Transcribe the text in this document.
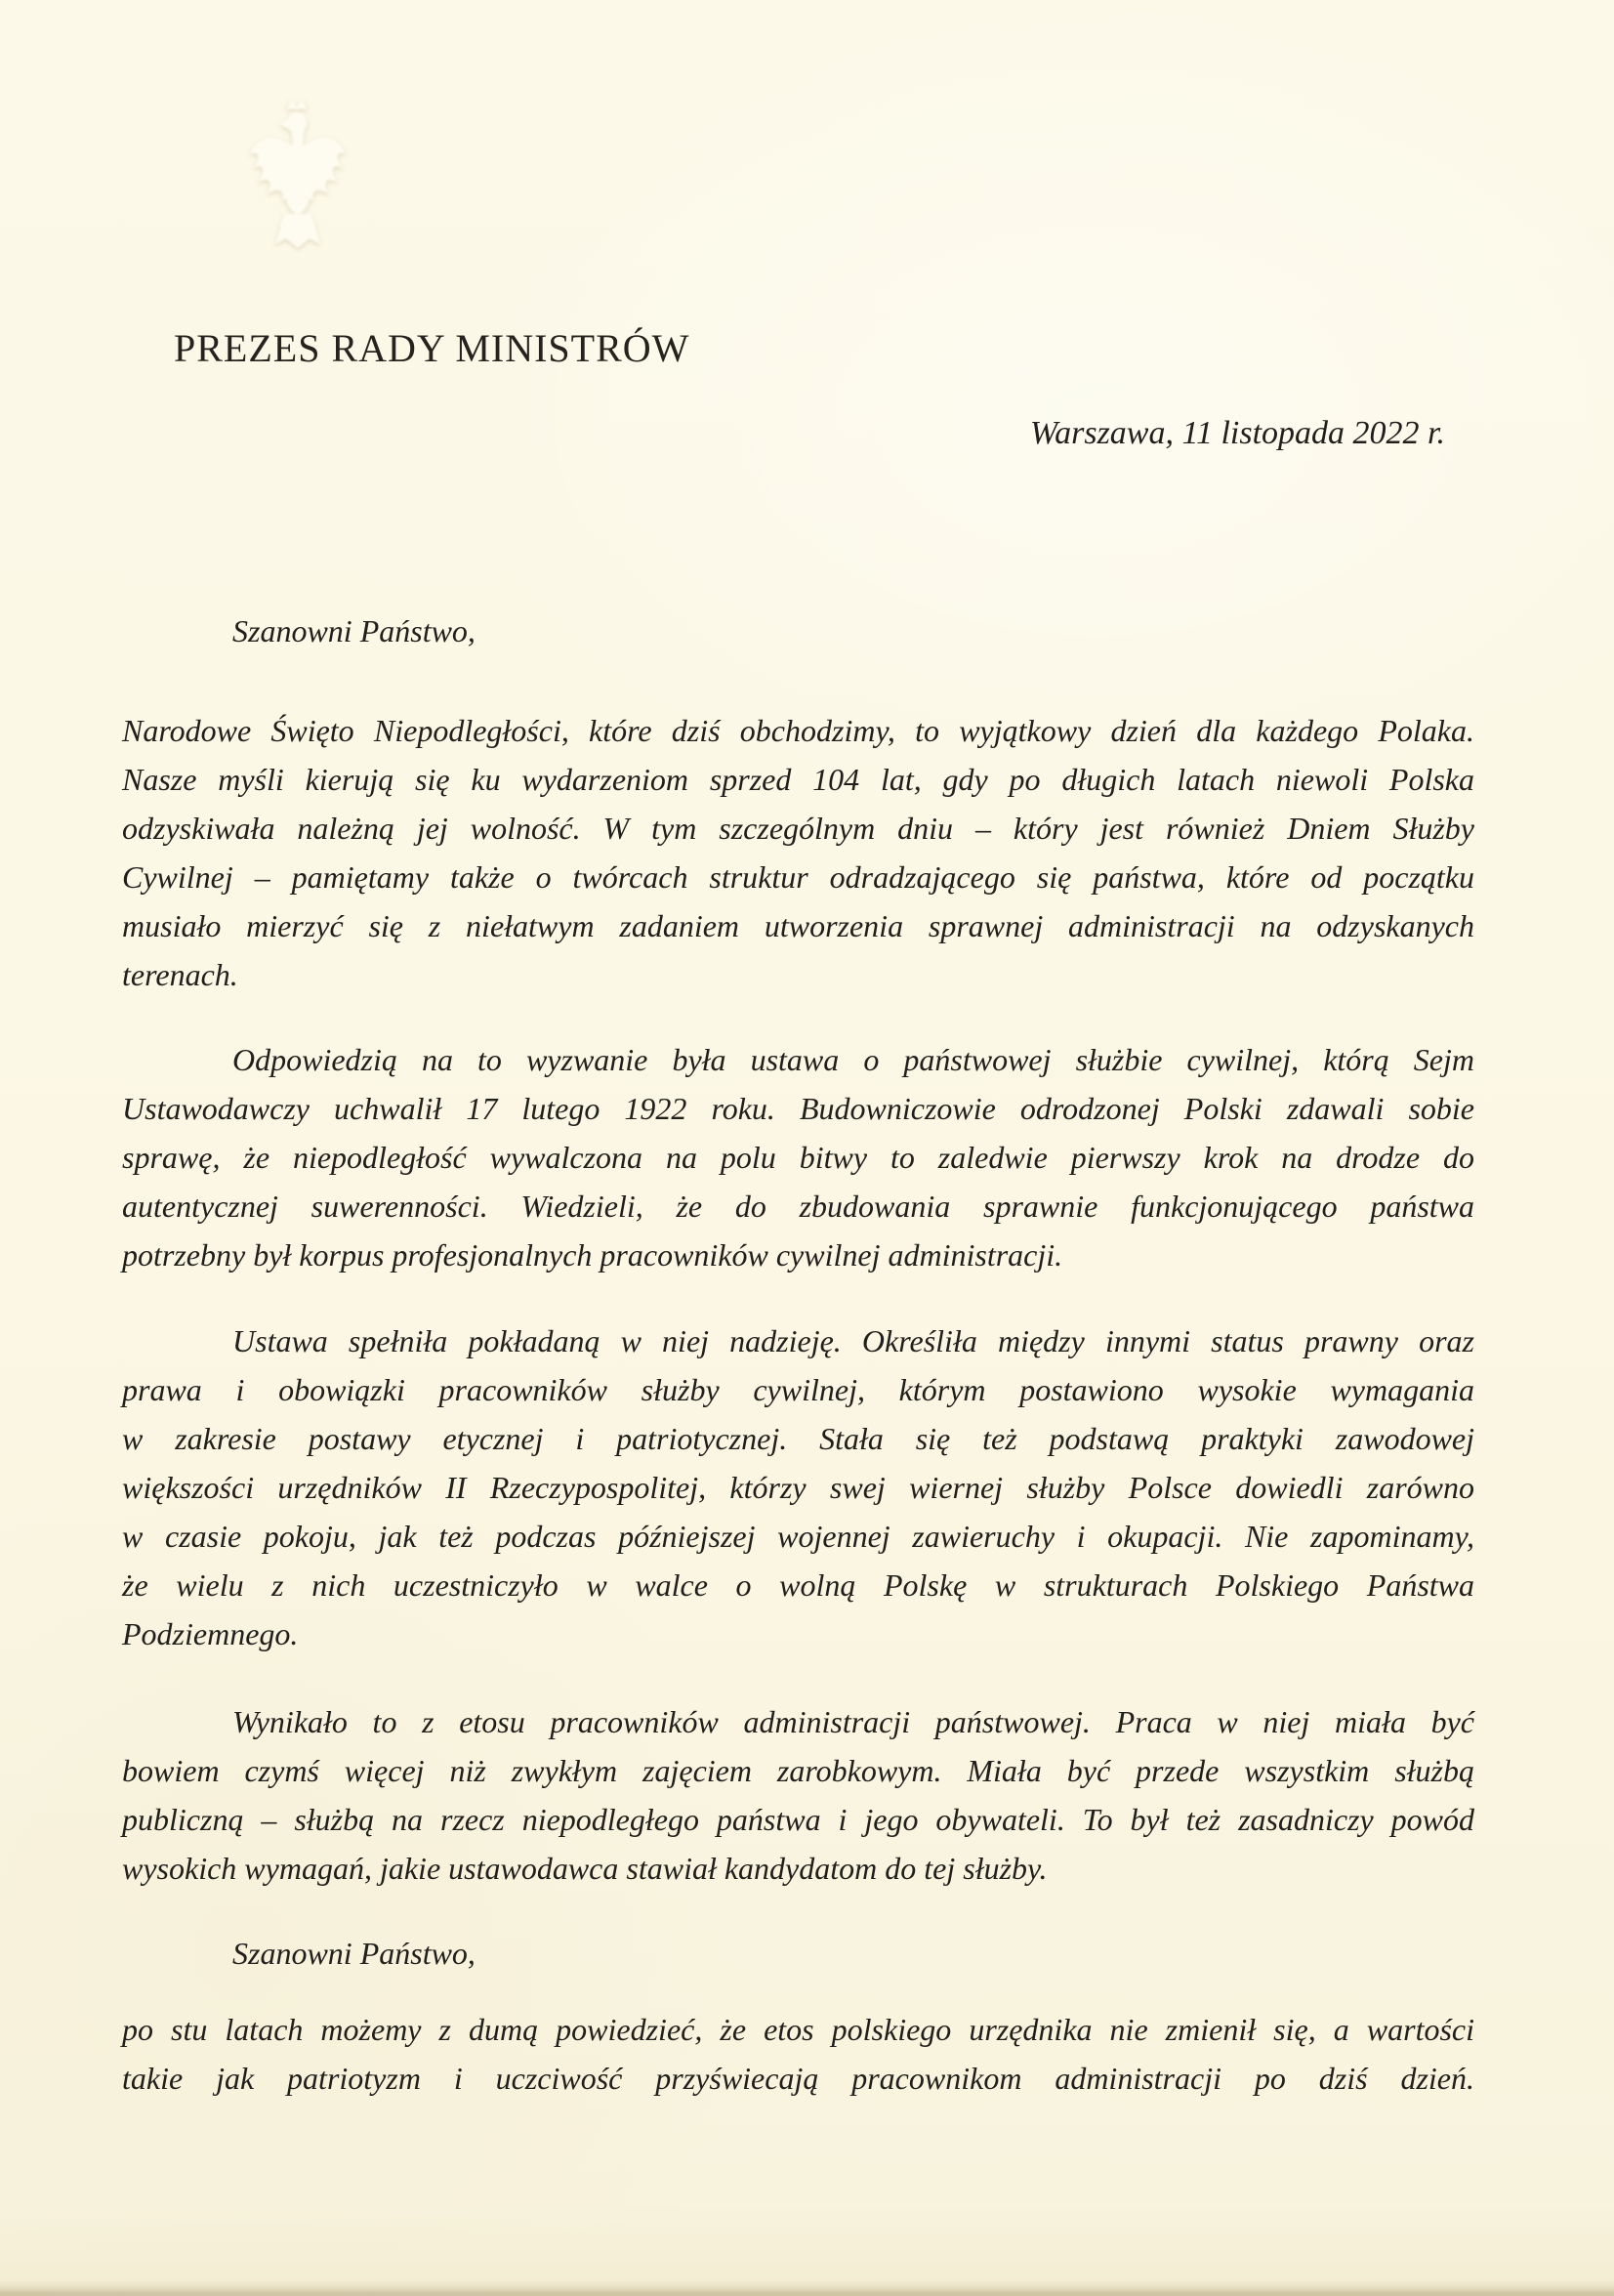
PREZES RADY MINISTRÓW
Warszawa, 11 listopada 2022 r.
Szanowni Państwo,
Narodowe Święto Niepodległości, które dziś obchodzimy, to wyjątkowy dzień dla każdego Polaka.
Nasze myśli kierują się ku wydarzeniom sprzed 104 lat, gdy po długich latach niewoli Polska
odzyskiwała należną jej wolność. W tym szczególnym dniu – który jest również Dniem Służby
Cywilnej – pamiętamy także o twórcach struktur odradzającego się państwa, które od początku
musiało mierzyć się z niełatwym zadaniem utworzenia sprawnej administracji na odzyskanych
terenach.
Odpowiedzią na to wyzwanie była ustawa o państwowej służbie cywilnej, którą Sejm
Ustawodawczy uchwalił 17 lutego 1922 roku. Budowniczowie odrodzonej Polski zdawali sobie
sprawę, że niepodległość wywalczona na polu bitwy to zaledwie pierwszy krok na drodze do
autentycznej suwerenności. Wiedzieli, że do zbudowania sprawnie funkcjonującego państwa
potrzebny był korpus profesjonalnych pracowników cywilnej administracji.
Ustawa spełniła pokładaną w niej nadzieję. Określiła między innymi status prawny oraz
prawa i obowiązki pracowników służby cywilnej, którym postawiono wysokie wymagania
w zakresie postawy etycznej i patriotycznej. Stała się też podstawą praktyki zawodowej
większości urzędników II Rzeczypospolitej, którzy swej wiernej służby Polsce dowiedli zarówno
w czasie pokoju, jak też podczas późniejszej wojennej zawieruchy i okupacji. Nie zapominamy,
że wielu z nich uczestniczyło w walce o wolną Polskę w strukturach Polskiego Państwa
Podziemnego.
Wynikało to z etosu pracowników administracji państwowej. Praca w niej miała być
bowiem czymś więcej niż zwykłym zajęciem zarobkowym. Miała być przede wszystkim służbą
publiczną – służbą na rzecz niepodległego państwa i jego obywateli. To był też zasadniczy powód
wysokich wymagań, jakie ustawodawca stawiał kandydatom do tej służby.
Szanowni Państwo,
po stu latach możemy z dumą powiedzieć, że etos polskiego urzędnika nie zmienił się, a wartości
takie jak patriotyzm i uczciwość przyświecają pracownikom administracji po dziś dzień.
